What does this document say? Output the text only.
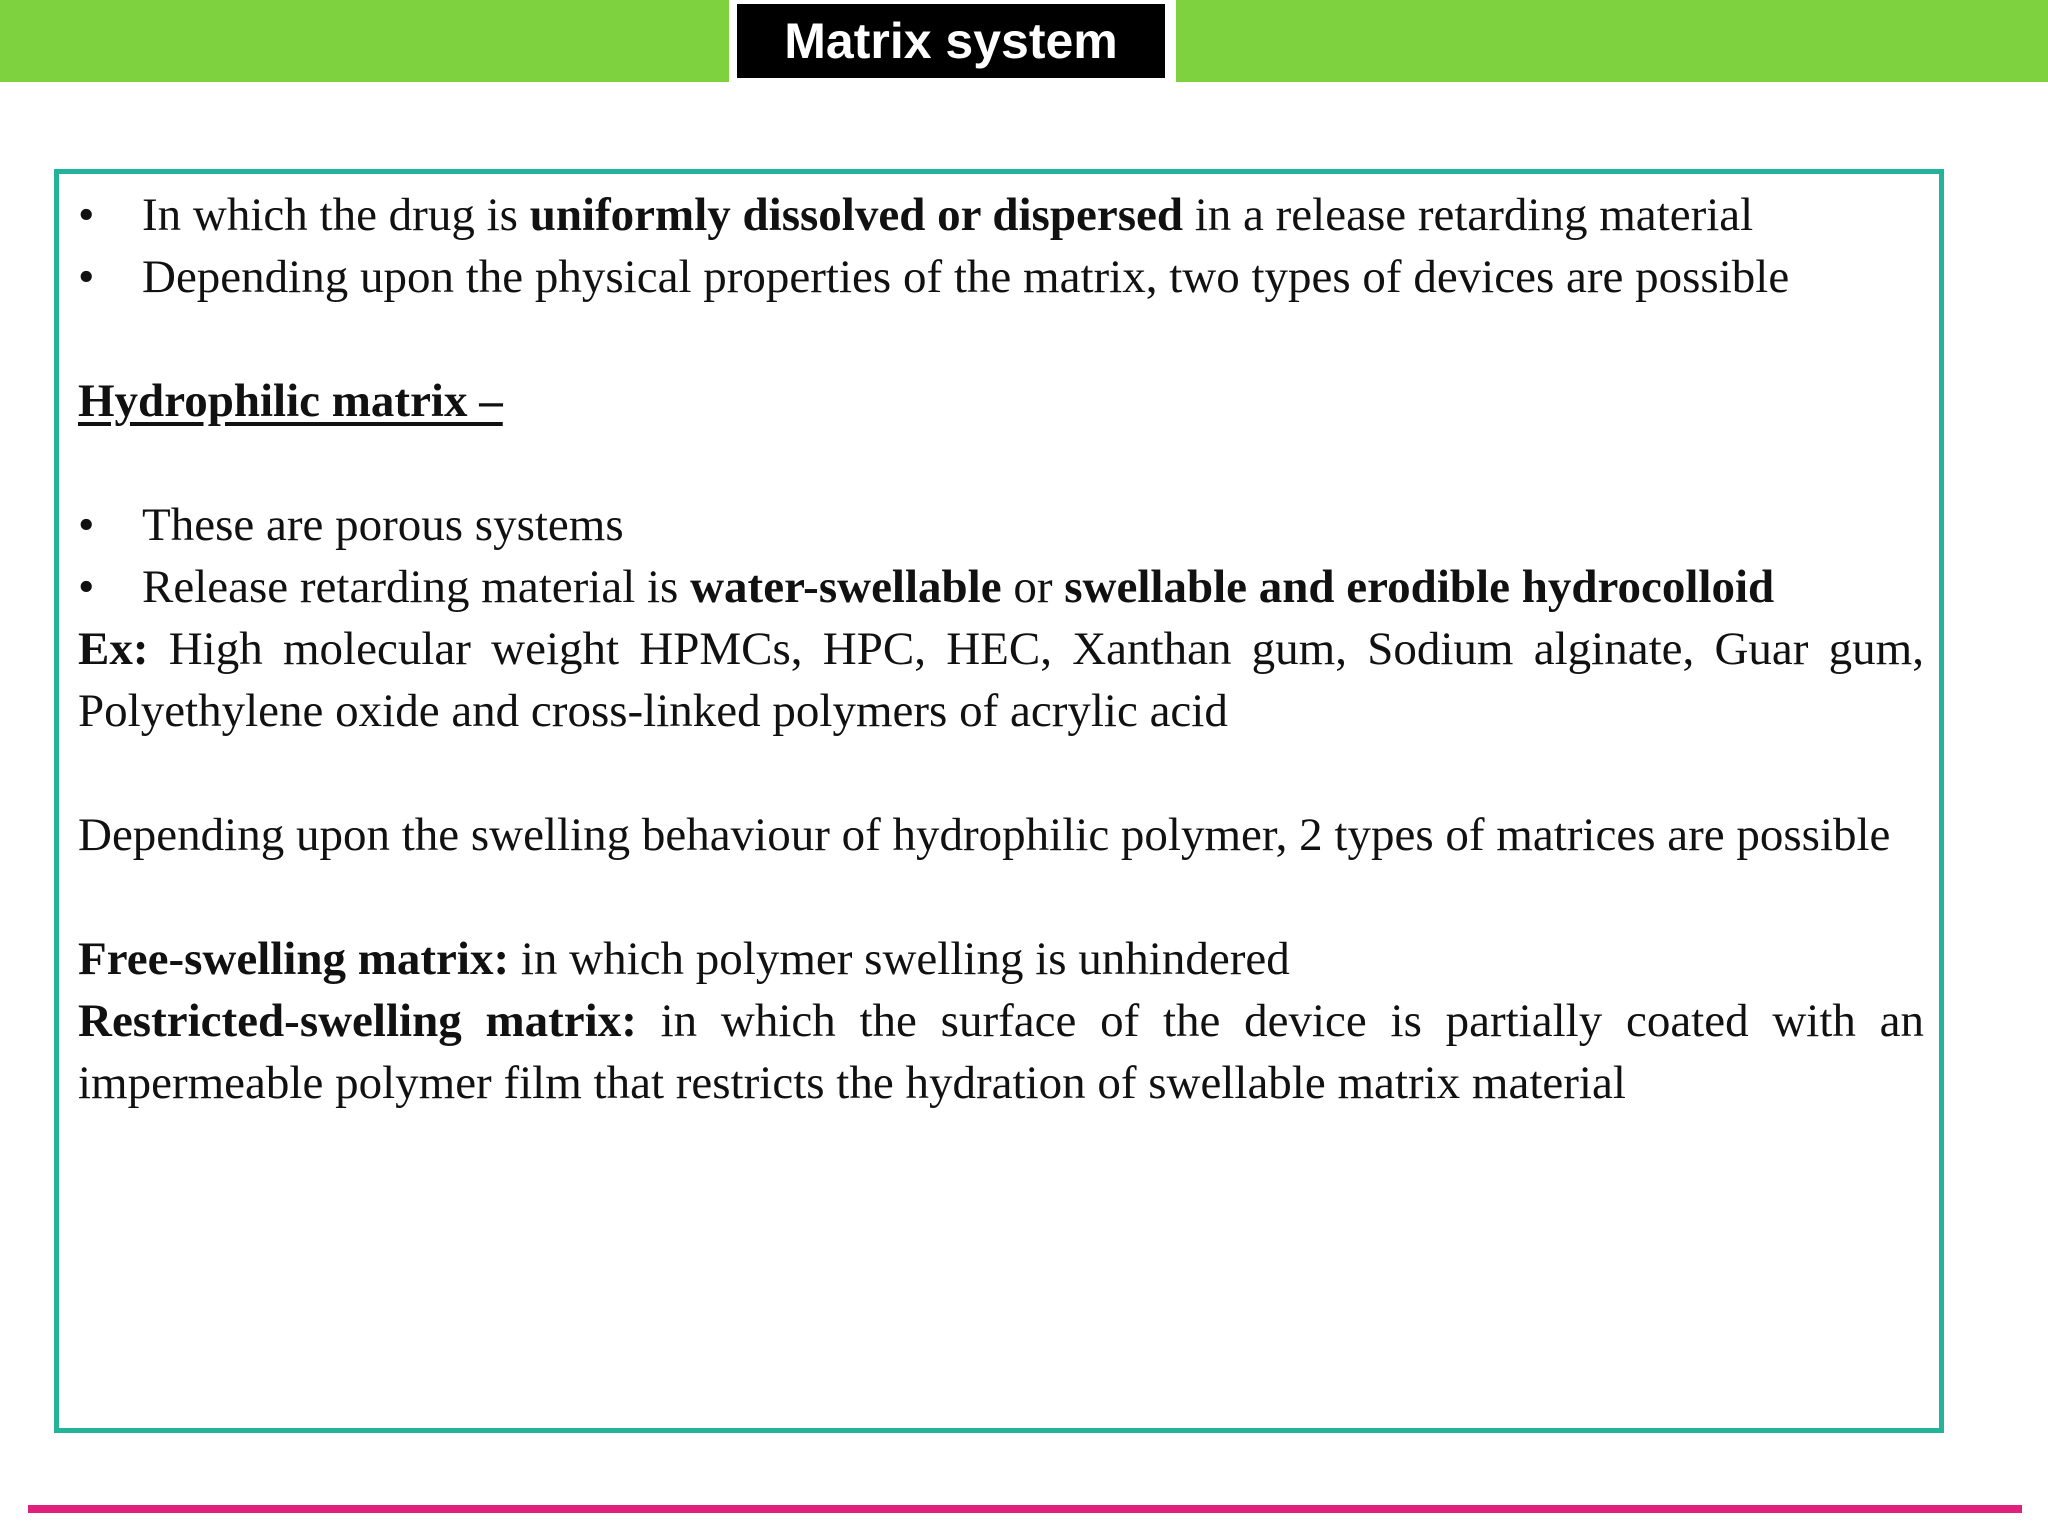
Matrix system
• In which the drug is uniformly dissolved or dispersed in a release retarding material
• Depending upon the physical properties of the matrix, two types of devices are possible
Hydrophilic matrix –
• These are porous systems
• Release retarding material is water-swellable or swellable and erodible hydrocolloid
Ex: High molecular weight HPMCs, HPC, HEC, Xanthan gum, Sodium alginate, Guar gum, Polyethylene oxide and cross-linked polymers of acrylic acid
Depending upon the swelling behaviour of hydrophilic polymer, 2 types of matrices are possible
Free-swelling matrix: in which polymer swelling is unhindered
Restricted-swelling matrix: in which the surface of the device is partially coated with an impermeable polymer film that restricts the hydration of swellable matrix material
